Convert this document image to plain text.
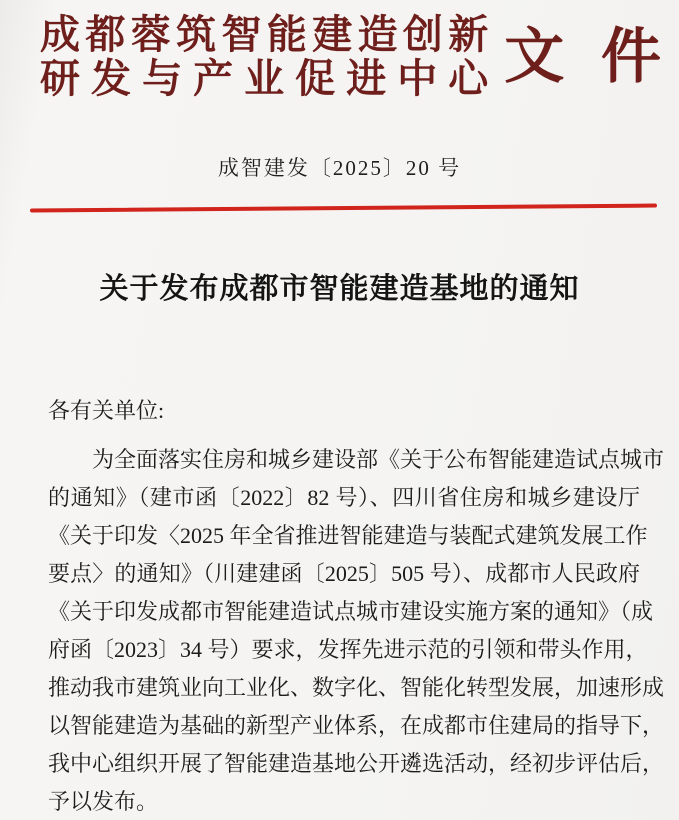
成都蓉筑智能建造创新
研发与产业促进中心 文件
成智建发〔2025〕20 号
关于发布成都市智能建造基地的通知
各有关单位:
为全面落实住房和城乡建设部《关于公布智能建造试点城市
的通知》（建市函〔2022〕82 号）、四川省住房和城乡建设厅
《关于印发〈2025 年全省推进智能建造与装配式建筑发展工作
要点〉的通知》（川建建函〔2025〕505 号）、成都市人民政府
《关于印发成都市智能建造试点城市建设实施方案的通知》（成
府函〔2023〕34 号）要求，发挥先进示范的引领和带头作用，
推动我市建筑业向工业化、数字化、智能化转型发展，加速形成
以智能建造为基础的新型产业体系，在成都市住建局的指导下，
我中心组织开展了智能建造基地公开遴选活动，经初步评估后，
予以发布。
